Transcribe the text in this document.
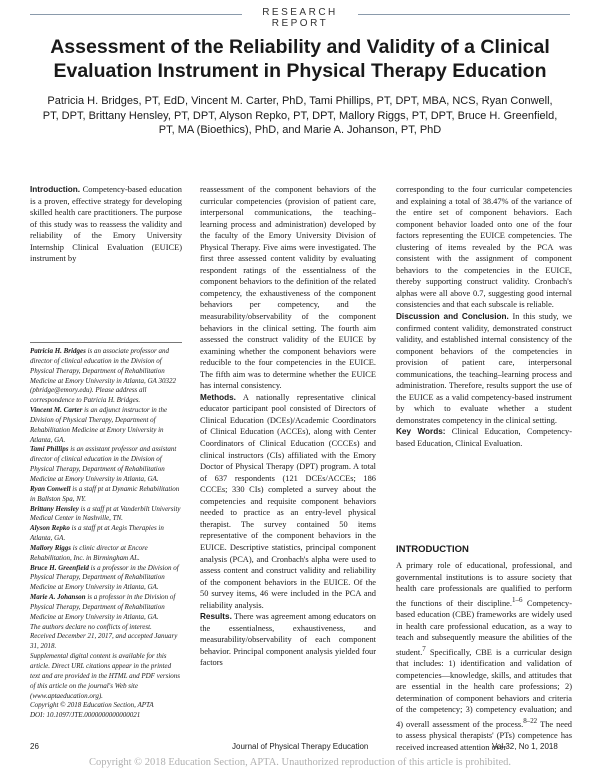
RESEARCH REPORT
Assessment of the Reliability and Validity of a Clinical Evaluation Instrument in Physical Therapy Education
Patricia H. Bridges, PT, EdD, Vincent M. Carter, PhD, Tami Phillips, PT, DPT, MBA, NCS, Ryan Conwell, PT, DPT, Brittany Hensley, PT, DPT, Alyson Repko, PT, DPT, Mallory Riggs, PT, DPT, Bruce H. Greenfield, PT, MA (Bioethics), PhD, and Marie A. Johanson, PT, PhD

Introduction. Competency-based education is a proven, effective strategy for developing skilled health care practitioners. The purpose of this study was to reassess the validity and reliability of the Emory University Internship Clinical Evaluation (EUICE) instrument by

Patricia H. Bridges is an associate professor and director of clinical education in the Division of Physical Therapy, Department of Rehabilitation Medicine at Emory University in Atlanta, GA 30322 (pbridge@emory.edu). Please address all correspondence to Patricia H. Bridges.

Vincent M. Carter is an adjunct instructor in the Division of Physical Therapy, Department of Rehabilitation Medicine at Emory University in Atlanta, GA.

Tami Phillips is an assistant professor and assistant director of clinical education in the Division of Physical Therapy, Department of Rehabilitation Medicine at Emory University in Atlanta, GA.

Ryan Conwell is a staff pt at Dynamic Rehabilitation in Ballston Spa, NY.

Brittany Hensley is a staff pt at Vanderbilt University Medical Center in Nashville, TN.

Alyson Repko is a staff pt at Aegis Therapies in Atlanta, GA.

Mallory Riggs is clinic director at Encore Rehabilitation, Inc. in Birmingham AL.

Bruce H. Greenfield is a professor in the Division of Physical Therapy, Department of Rehabilitation Medicine at Emory University in Atlanta, GA.

Marie A. Johanson is a professor in the Division of Physical Therapy, Department of Rehabilitation Medicine at Emory University in Atlanta, GA.

The authors declare no conflicts of interest.

Received December 21, 2017, and accepted January 31, 2018.

Supplemental digital content is available for this article. Direct URL citations appear in the printed text and are provided in the HTML and PDF versions of this article on the journal's Web site (www.aptaeducation.org).

Copyright © 2018 Education Section, APTA

DOI: 10.1097/JTE.0000000000000021

reassessment of the component behaviors of the curricular competencies (provision of patient care, interpersonal communications, the teaching–learning process and administration) developed by the faculty of the Emory University Division of Physical Therapy. Five aims were investigated. The first three assessed content validity by evaluating respondent ratings of the essentialness of the component behaviors to the definition of the related competency, the exhaustiveness of the component behaviors per competency, and the measurability/observability of the component behaviors in the clinical setting. The fourth aim assessed the construct validity of the EUICE by examining whether the component behaviors were reducible to the four competencies in the EUICE. The fifth aim was to determine whether the EUICE has internal consistency.

Methods. A nationally representative clinical educator participant pool consisted of Directors of Clinical Education (DCEs)/Academic Coordinators of Clinical Education (ACCEs), along with Center Coordinators of Clinical Education (CCCEs) and clinical instructors (CIs) affiliated with the Emory Doctor of Physical Therapy (DPT) program. A total of 637 respondents (121 DCEs/ACCEs; 186 CCCEs; 330 CIs) completed a survey about the competencies and requisite component behaviors needed to practice as an entry-level physical therapist. The survey contained 50 items representative of the component behaviors in the EUICE. Descriptive statistics, principal component analysis (PCA), and Cronbach's alpha were used to assess content and construct validity and reliability of the component behaviors in the EUICE. Of the 50 survey items, 46 were included in the PCA and reliability analysis.

Results. There was agreement among educators on the essentialness, exhaustiveness, and measurability/observability of each component behavior. Principal component analysis yielded four factors

corresponding to the four curricular competencies and explaining a total of 38.47% of the variance of the entire set of component behaviors. Each component behavior loaded onto one of the four factors representing the EUICE competencies. The clustering of items revealed by the PCA was consistent with the assignment of component behaviors to the competencies in the EUICE, thereby supporting construct validity. Cronbach's alphas were all above 0.7, suggesting good internal consistencies and that each subscale is reliable.

Discussion and Conclusion. In this study, we confirmed content validity, demonstrated construct validity, and established internal consistency of the component behaviors of the competencies in provision of patient care, interpersonal communications, the teaching–learning process and administration. Therefore, results support the use of the EUICE as a valid competency-based instrument by which to evaluate whether a student demonstrates competency in the clinical setting.

Key Words: Clinical Education, Competency-based Education, Clinical Evaluation.

INTRODUCTION

A primary role of educational, professional, and governmental institutions is to assure society that health care professionals are qualified to perform the functions of their discipline.$^{1-6}$ Competency-based education (CBE) frameworks are widely used in health care professional education, as a way to teach and subsequently measure the abilities of the student.$^7$ Specifically, CBE is a curricular design that includes: 1) identification and validation of competencies—knowledge, skills, and attitudes that are essential in the health care professions; 2) determination of component behaviors and criteria of the competency; 3) competency evaluation; and 4) overall assessment of the process.$^{8-22}$ The need to assess physical therapists' (PTs) competence has received increased attention over

26	Journal of Physical Therapy Education	Vol 32, No 1, 2018
Copyright © 2018 Education Section, APTA. Unauthorized reproduction of this article is prohibited.
